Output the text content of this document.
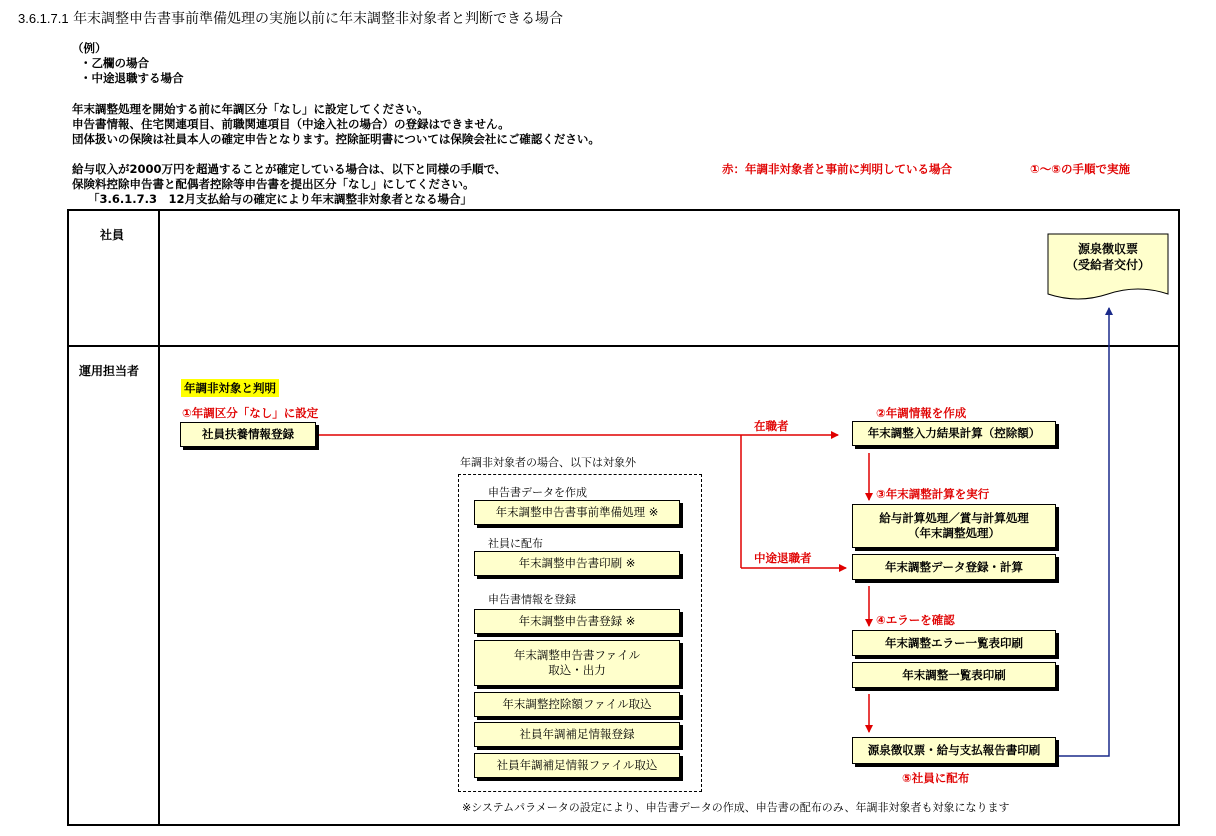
3.6.1.7.1 年末調整申告書事前準備処理の実施以前に年末調整非対象者と判断できる場合
（例）
・乙欄の場合
・中途退職する場合
年末調整処理を開始する前に年調区分「なし」に設定してください。
申告書情報、住宅関連項目、前職関連項目（中途入社の場合）の登録はできません。
団体扱いの保険は社員本人の確定申告となります。控除証明書については保険会社にご確認ください。
給与収入が2000万円を超過することが確定している場合は、以下と同様の手順で、
保険料控除申告書と配偶者控除等申告書を提出区分「なし」にしてください。
「3.6.1.7.3　12月支払給与の確定により年末調整非対象者となる場合」
赤：年調非対象者と事前に判明している場合	①～⑤の手順で実施
社員
運用担当者
源泉徴収票
（受給者交付）
年調非対象と判明
①年調区分「なし」に設定
社員扶養情報登録
在職者
中途退職者
②年調情報を作成
年末調整入力結果計算（控除額）
③年末調整計算を実行
給与計算処理／賞与計算処理
（年末調整処理）
年末調整データ登録・計算
④エラーを確認
年末調整エラー一覧表印刷
年末調整一覧表印刷
源泉徴収票・給与支払報告書印刷
⑤社員に配布
年調非対象者の場合、以下は対象外
申告書データを作成
年末調整申告書事前準備処理 ※
社員に配布
年末調整申告書印刷 ※
申告書情報を登録
年末調整申告書登録 ※
年末調整申告書ファイル
取込・出力
年末調整控除額ファイル取込
社員年調補足情報登録
社員年調補足情報ファイル取込
※システムパラメータの設定により、申告書データの作成、申告書の配布のみ、年調非対象者も対象になります
